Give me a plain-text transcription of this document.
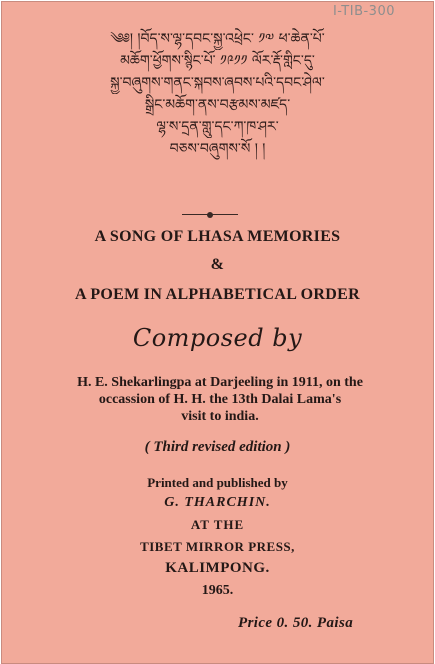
I-TIB-300
༄༅། །བོད་ས་ལྷ་དབང་སྐྱ་འཕྲེང་ ༡༧ ཕ་ཆེན་པོ་
མཆོག་ཕྱོགས་སྙིང་པོ་ ༡༩༡༡ ལོར་རྡོ་གླིང་དུ་
སྐྱ་བཞུགས་གནང་སྐབས་ཞབས་པའི་དབང་ཤེལ་
སྒྲིང་མཆོག་ནས་བརྩམས་མཛད་
ལྷ་ས་དྲན་གླུ་དང་ཀ་ཁ་ཤར་
བཅས་བཞུགས་སོ ། །
A SONG OF LHASA MEMORIES
&
A POEM IN ALPHABETICAL ORDER
Composed by
H. E. Shekarlingpa at Darjeeling in 1911, on the
occassion of H. H. the 13th Dalai Lama's
visit to india.
( Third revised edition )
Printed and published by
G. THARCHIN.
AT THE
TIBET MIRROR PRESS,
KALIMPONG.
1965.
Price 0. 50. Paisa
